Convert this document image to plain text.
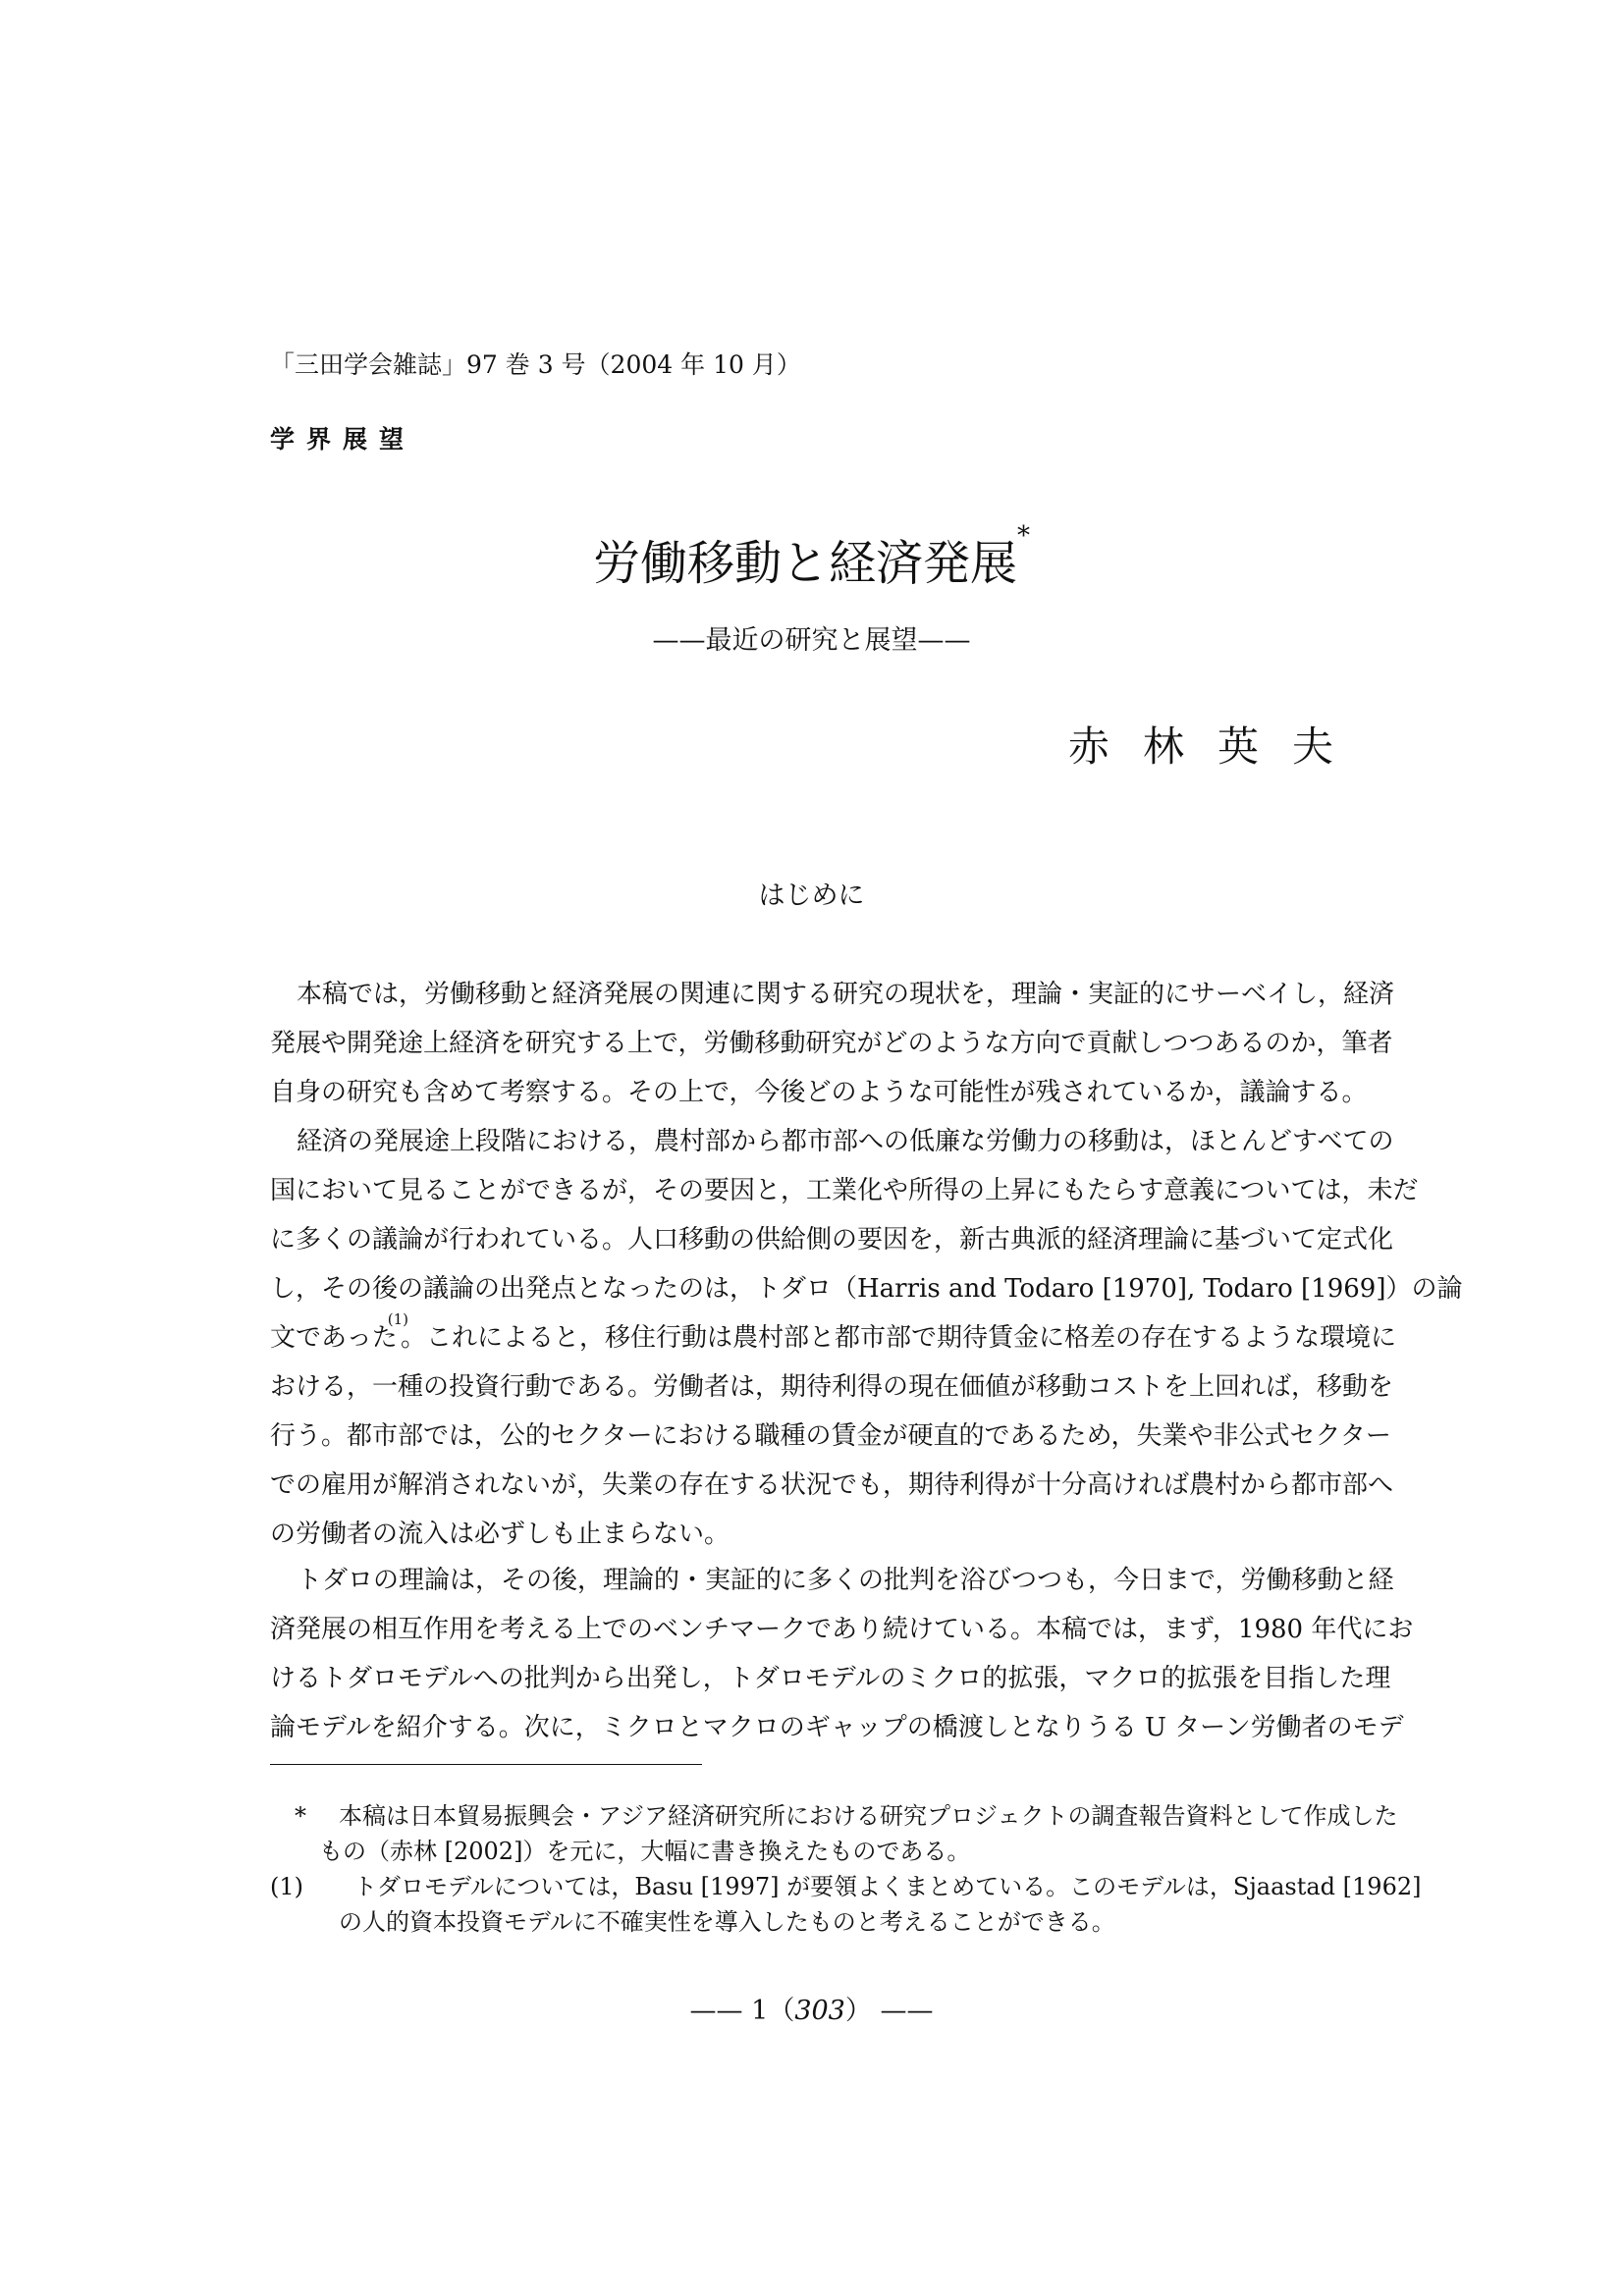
「三田学会雑誌」97 巻 3 号（2004 年 10 月）
学界展望
労働移動と経済発展*
——最近の研究と展望——
赤林英夫
はじめに
本稿では，労働移動と経済発展の関連に関する研究の現状を，理論・実証的にサーベイし，経済
発展や開発途上経済を研究する上で，労働移動研究がどのような方向で貢献しつつあるのか，筆者
自身の研究も含めて考察する。その上で，今後どのような可能性が残されているか，議論する。
経済の発展途上段階における，農村部から都市部への低廉な労働力の移動は，ほとんどすべての
国において見ることができるが，その要因と，工業化や所得の上昇にもたらす意義については，未だ
に多くの議論が行われている。人口移動の供給側の要因を，新古典派的経済理論に基づいて定式化
し，その後の議論の出発点となったのは，トダロ（Harris and Todaro [1970], Todaro [1969]）の論
文であった$^{(1)}$。これによると，移住行動は農村部と都市部で期待賃金に格差の存在するような環境に
おける，一種の投資行動である。労働者は，期待利得の現在価値が移動コストを上回れば，移動を
行う。都市部では，公的セクターにおける職種の賃金が硬直的であるため，失業や非公式セクター
での雇用が解消されないが，失業の存在する状況でも，期待利得が十分高ければ農村から都市部へ
の労働者の流入は必ずしも止まらない。
トダロの理論は，その後，理論的・実証的に多くの批判を浴びつつも，今日まで，労働移動と経
済発展の相互作用を考える上でのベンチマークであり続けている。本稿では，まず，1980 年代にお
けるトダロモデルへの批判から出発し，トダロモデルのミクロ的拡張，マクロ的拡張を目指した理
論モデルを紹介する。次に，ミクロとマクロのギャップの橋渡しとなりうる U ターン労働者のモデ
* 本稿は日本貿易振興会・アジア経済研究所における研究プロジェクトの調査報告資料として作成した
もの（赤林 [2002]）を元に，大幅に書き換えたものである。
(1) トダロモデルについては，Basu [1997] が要領よくまとめている。このモデルは，Sjaastad [1962]
の人的資本投資モデルに不確実性を導入したものと考えることができる。
—— 1（303） ——
